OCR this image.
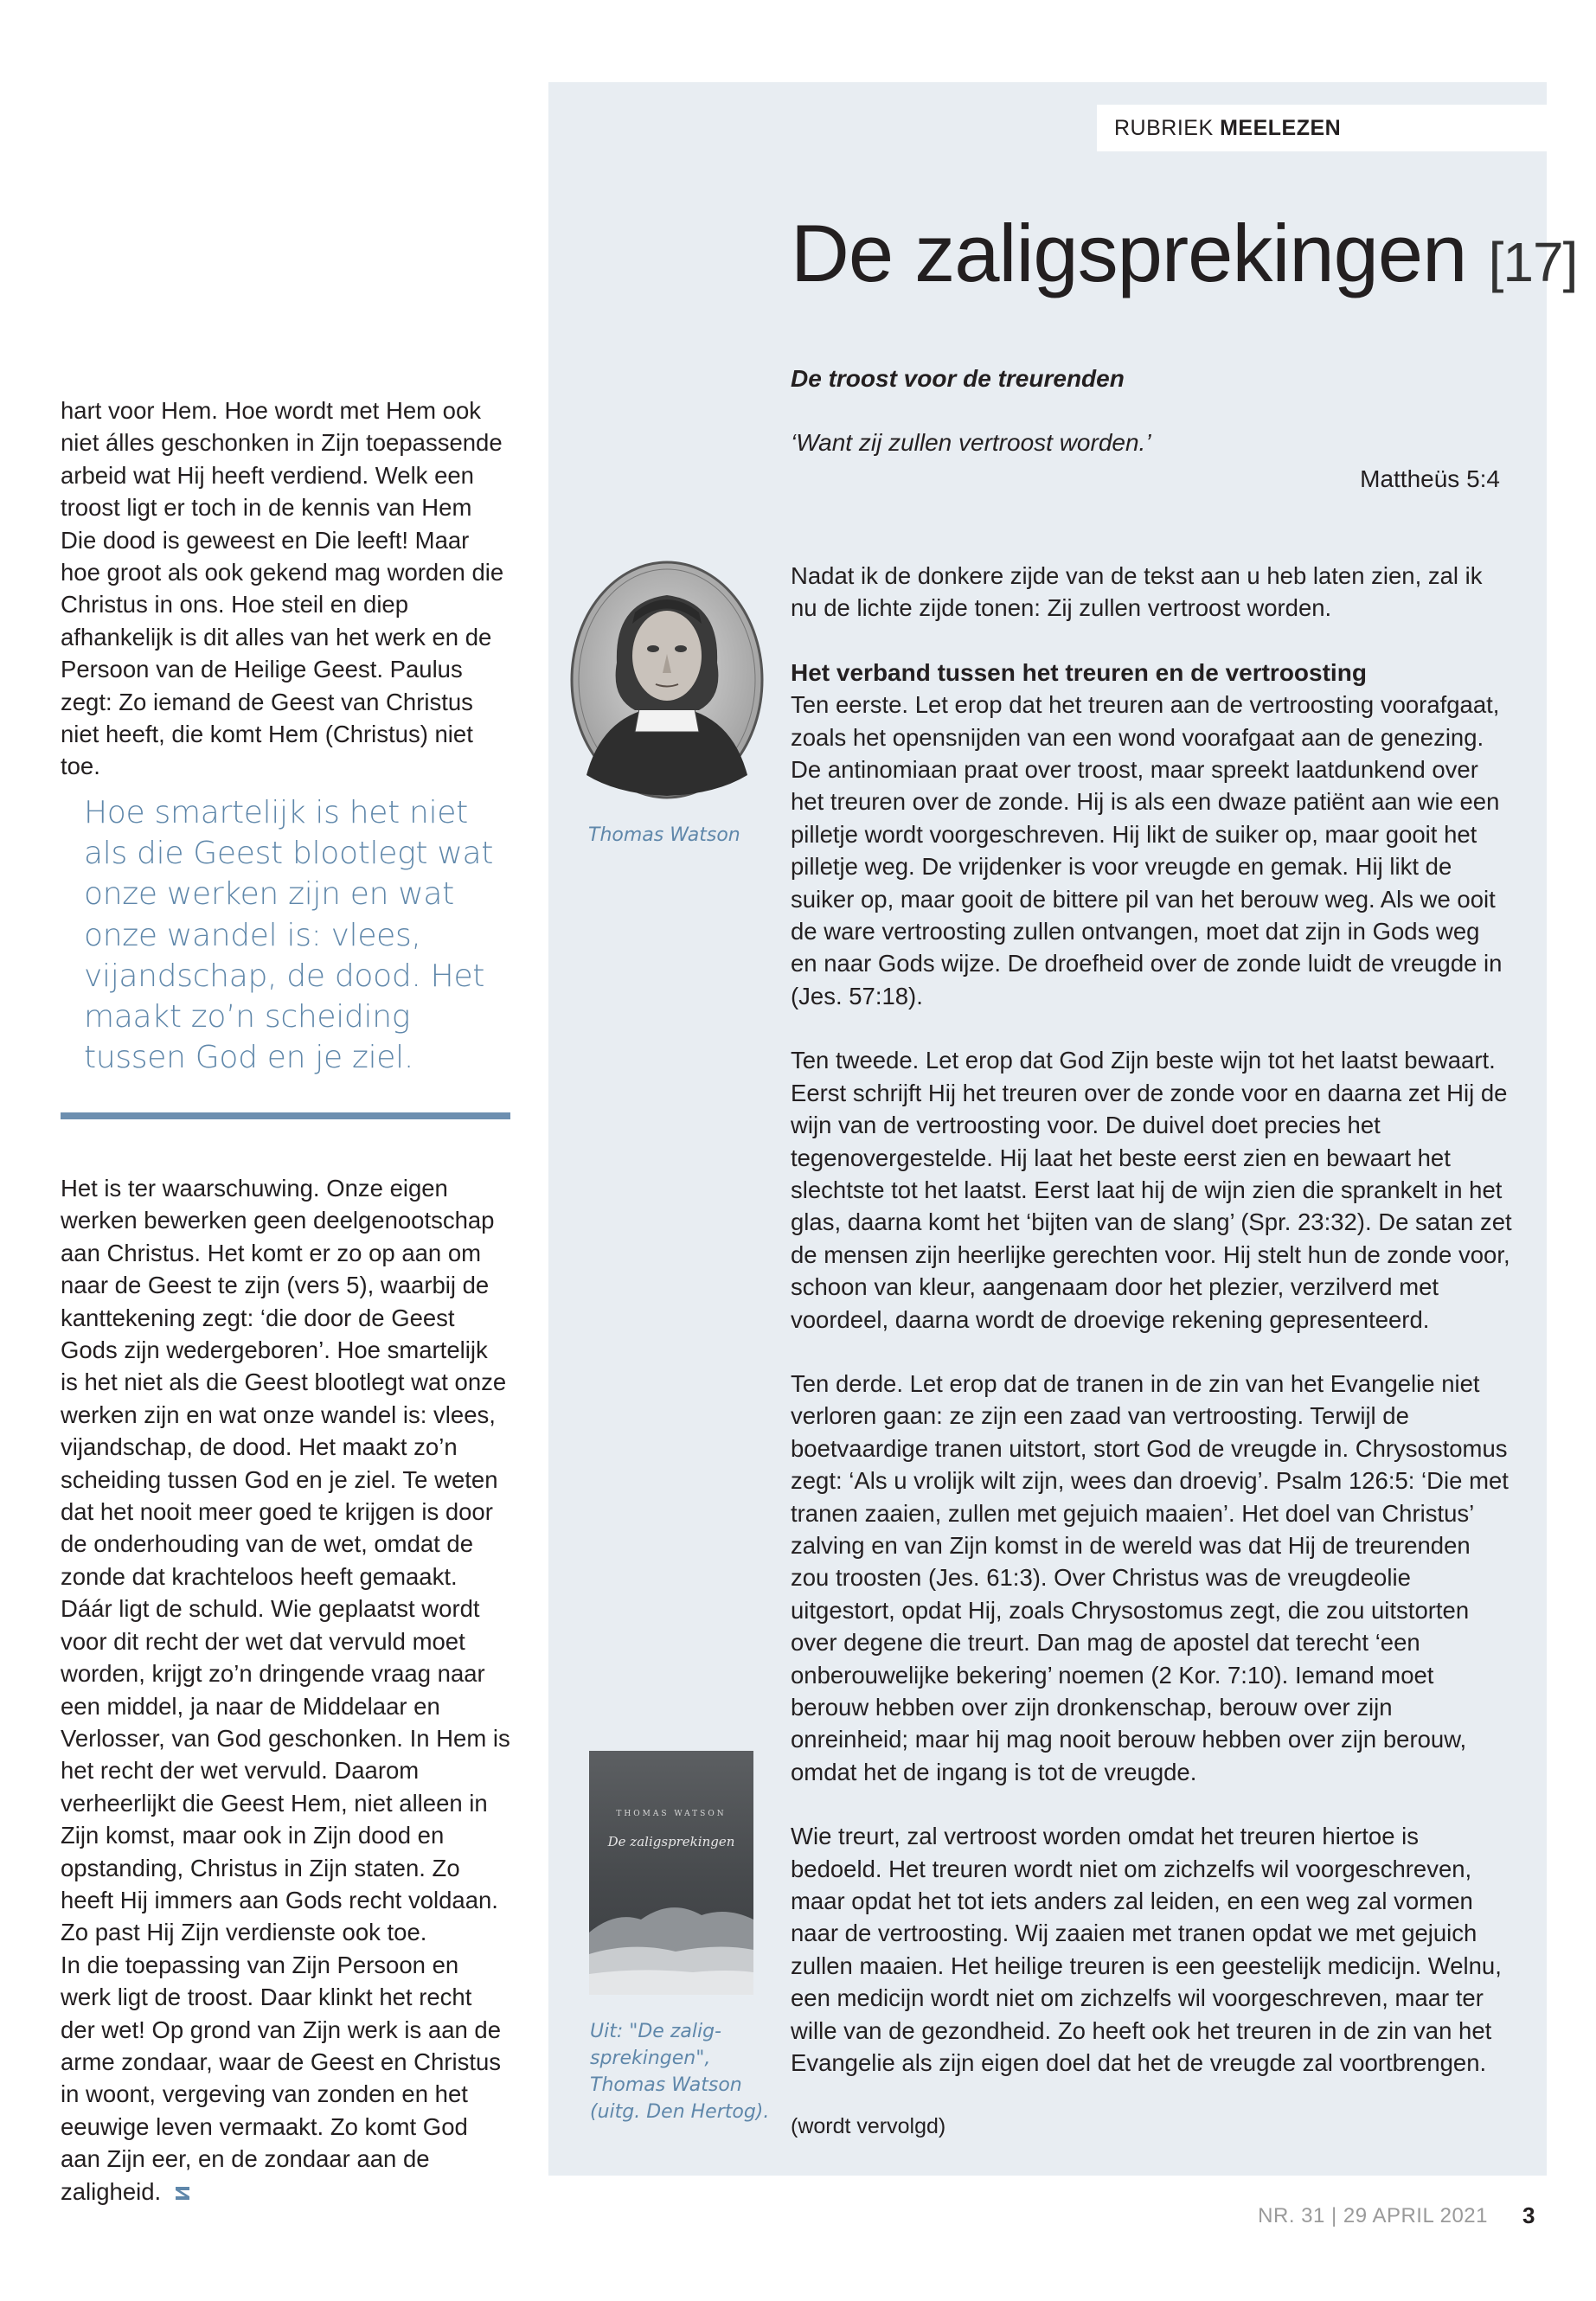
RUBRIEK MEELEZEN
De zaligsprekingen [17]

hart voor Hem. Hoe wordt met Hem ook niet álles geschonken in Zijn toepassende arbeid wat Hij heeft verdiend. Welk een troost ligt er toch in de kennis van Hem Die dood is geweest en Die leeft! Maar hoe groot als ook gekend mag worden die Christus in ons. Hoe steil en diep afhankelijk is dit alles van het werk en de Persoon van de Heilige Geest. Paulus zegt: Zo iemand de Geest van Christus niet heeft, die komt Hem (Christus) niet toe.

Hoe smartelijk is het niet als die Geest blootlegt wat onze werken zijn en wat onze wandel is: vlees, vijandschap, de dood. Het maakt zo’n scheiding tussen God en je ziel.

Het is ter waarschuwing. Onze eigen werken bewerken geen deelgenootschap aan Christus. Het komt er zo op aan om naar de Geest te zijn (vers 5), waarbij de kanttekening zegt: ‘die door de Geest Gods zijn wedergeboren’. Hoe smartelijk is het niet als die Geest blootlegt wat onze werken zijn en wat onze wandel is: vlees, vijandschap, de dood. Het maakt zo’n scheiding tussen God en je ziel. Te weten dat het nooit meer goed te krijgen is door de onderhouding van de wet, omdat de zonde dat krachteloos heeft gemaakt. Dáár ligt de schuld. Wie geplaatst wordt voor dit recht der wet dat vervuld moet worden, krijgt zo’n dringende vraag naar een middel, ja naar de Middelaar en Verlosser, van God geschonken. In Hem is het recht der wet vervuld. Daarom verheerlijkt die Geest Hem, niet alleen in Zijn komst, maar ook in Zijn dood en opstanding, Christus in Zijn staten. Zo heeft Hij immers aan Gods recht voldaan. Zo past Hij Zijn verdienste ook toe.

In die toepassing van Zijn Persoon en werk ligt de troost. Daar klinkt het recht der wet! Op grond van Zijn werk is aan de arme zondaar, waar de Geest en Christus in woont, vergeving van zonden en het eeuwige leven vermaakt. Zo komt God aan Zijn eer, en de zondaar aan de zaligheid.

Thomas Watson
THOMAS WATSON
De zaligsprekingen
Uit: "De zalig-sprekingen", Thomas Watson (uitg. Den Hertog).

De troost voor de treurenden

‘Want zij zullen vertroost worden.’

Mattheüs 5:4

Nadat ik de donkere zijde van de tekst aan u heb laten zien, zal ik nu de lichte zijde tonen: Zij zullen vertroost worden.

Het verband tussen het treuren en de vertroosting

Ten eerste. Let erop dat het treuren aan de vertroosting voorafgaat, zoals het opensnijden van een wond voorafgaat aan de genezing. De antinomiaan praat over troost, maar spreekt laatdunkend over het treuren over de zonde. Hij is als een dwaze patiënt aan wie een pilletje wordt voorgeschreven. Hij likt de suiker op, maar gooit het pilletje weg. De vrijdenker is voor vreugde en gemak. Hij likt de suiker op, maar gooit de bittere pil van het berouw weg. Als we ooit de ware vertroosting zullen ontvangen, moet dat zijn in Gods weg en naar Gods wijze. De droefheid over de zonde luidt de vreugde in (Jes. 57:18).

Ten tweede. Let erop dat God Zijn beste wijn tot het laatst bewaart. Eerst schrijft Hij het treuren over de zonde voor en daarna zet Hij de wijn van de vertroosting voor. De duivel doet precies het tegenovergestelde. Hij laat het beste eerst zien en bewaart het slechtste tot het laatst. Eerst laat hij de wijn zien die sprankelt in het glas, daarna komt het ‘bijten van de slang’ (Spr. 23:32). De satan zet de mensen zijn heerlijke gerechten voor. Hij stelt hun de zonde voor, schoon van kleur, aangenaam door het plezier, verzilverd met voordeel, daarna wordt de droevige rekening gepresenteerd.

Ten derde. Let erop dat de tranen in de zin van het Evangelie niet verloren gaan: ze zijn een zaad van vertroosting. Terwijl de boetvaardige tranen uitstort, stort God de vreugde in. Chrysostomus zegt: ‘Als u vrolijk wilt zijn, wees dan droevig’. Psalm 126:5: ‘Die met tranen zaaien, zullen met gejuich maaien’. Het doel van Christus’ zalving en van Zijn komst in de wereld was dat Hij de treurenden zou troosten (Jes. 61:3). Over Christus was de vreugdeolie uitgestort, opdat Hij, zoals Chrysostomus zegt, die zou uitstorten over degene die treurt. Dan mag de apostel dat terecht ‘een onberouwelijke bekering’ noemen (2 Kor. 7:10). Iemand moet berouw hebben over zijn dronkenschap, berouw over zijn onreinheid; maar hij mag nooit berouw hebben over zijn berouw, omdat het de ingang is tot de vreugde.

Wie treurt, zal vertroost worden omdat het treuren hiertoe is bedoeld. Het treuren wordt niet om zichzelfs wil voorgeschreven, maar opdat het tot iets anders zal leiden, en een weg zal vormen naar de vertroosting. Wij zaaien met tranen opdat we met gejuich zullen maaien. Het heilige treuren is een geestelijk medicijn. Welnu, een medicijn wordt niet om zichzelfs wil voorgeschreven, maar ter wille van de gezondheid. Zo heeft ook het treuren in de zin van het Evangelie als zijn eigen doel dat het de vreugde zal voortbrengen.

(wordt vervolgd)

NR. 31 | 29 APRIL 2021 3
